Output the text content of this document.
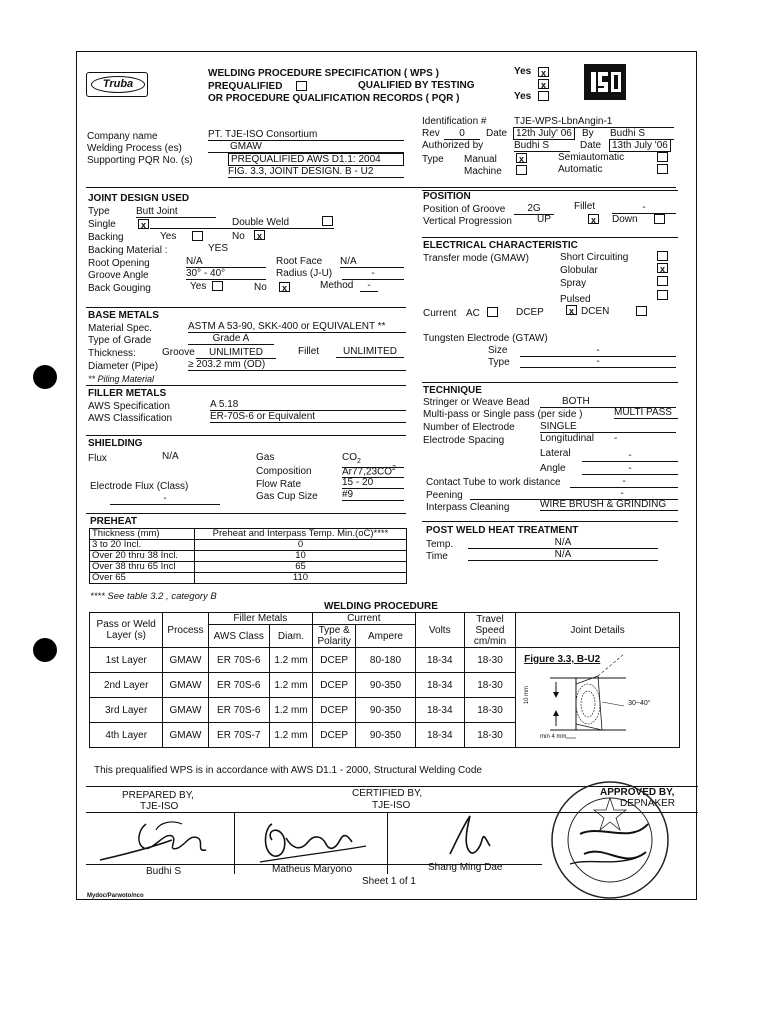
Truba
WELDING PROCEDURE SPECIFICATION ( WPS )
PREQUALIFIED	QUALIFIED BY TESTING
OR PROCEDURE QUALIFICATION RECORDS ( PQR )
Yes	x
x
Yes
Identification #	TJE-WPS-LbnAngin-1
Rev	0	Date 12th July' 06	By Budhi S
Authorized by	Budhi S	Date	13th July '06
Type Manual	x	Semiautomatic
Machine	Automatic
Company name	PT. TJE-ISO Consortium
Welding Process (es)	GMAW
Supporting PQR No. (s)	PREQUALIFIED AWS D1.1: 2004
FIG. 3.3, JOINT DESIGN. B - U2
JOINT DESIGN USED
Type	Butt Joint
Single	x	Double Weld
Backing	Yes	No	x
Backing Material :	YES
Root Opening	N/A	Root Face N/A
Groove Angle	30° - 40°	Radius (J-U)	-
Back Gouging	Yes	No	x	Method	-
POSITION
Position of Groove	2G	Fillet	-
Vertical Progression	UP	x	Down
ELECTRICAL CHARACTERISTIC
Transfer mode (GMAW)	Short Circuiting
Globular	x
Spray
Pulsed
Current AC	DCEP	x DCEN
Tungsten Electrode (GTAW)
Size	-
Type	-
BASE METALS
Material Spec.	ASTM A 53-90, SKK-400 or EQUIVALENT **
Type of Grade	Grade A
Thickness:	Groove	UNLIMITED	Fillet	UNLIMITED
Diameter (Pipe)	≥ 203.2 mm (OD)
** Piling Material
FILLER METALS
AWS Specification	A 5.18
AWS Classification	ER-70S-6 or Equivalent
TECHNIQUE
Stringer or Weave Bead	BOTH
Multi-pass or Single pass (per side )	MULTI PASS
Number of Electrode	SINGLE
Electrode Spacing	Longitudinal -
Lateral	-
Angle	-
Contact Tube to work distance	-
Peening	-
Interpass Cleaning	WIRE BRUSH & GRINDING
SHIELDING
Flux	N/A	Gas	$CO_2$
Composition	$Ar77,23CO^2$
Electrode Flux (Class)	Flow Rate	15 - 20
-	Gas Cup Size #9
PREHEAT
Thickness (mm)	Preheat and Interpass Temp. Min.(oC)****
3 to 20 Incl.	0
Over 20 thru 38 Incl.	10
Over 38 thru 65 Incl	65
Over 65	110
**** See table 3.2 , category B
POST WELD HEAT TREATMENT
Temp.	N/A
Time	N/A
WELDING PROCEDURE
Pass or Weld Layer (s)	Process	Filler Metals		Current		Volts	Travel Speed cm/min	Joint Details
		AWS Class	Diam.	Type & Polarity	Ampere			
1st Layer	GMAW	ER 70S-6	1.2 mm	DCEP	80-180	18-34	18-30	Figure 3.3, B-U2
30~40°
10 mm
min 4 mm

2nd Layer	GMAW	ER 70S-6	1.2 mm	DCEP	90-350	18-34	18-30	
3rd Layer	GMAW	ER 70S-6	1.2 mm	DCEP	90-350	18-34	18-30	
4th Layer	GMAW	ER 70S-7	1.2 mm	DCEP	90-350	18-34	18-30	
This prequalified WPS is in accordance with AWS D1.1 - 2000, Structural Welding Code
PREPARED BY,
TJE-ISO
CERTIFIED BY,
TJE-ISO
APPROVED BY,
DEPNAKER
Budhi S	Matheus Maryono	Shang Ming Dae
Sheet 1 of 1
Mydoc/Parwoto/nco
